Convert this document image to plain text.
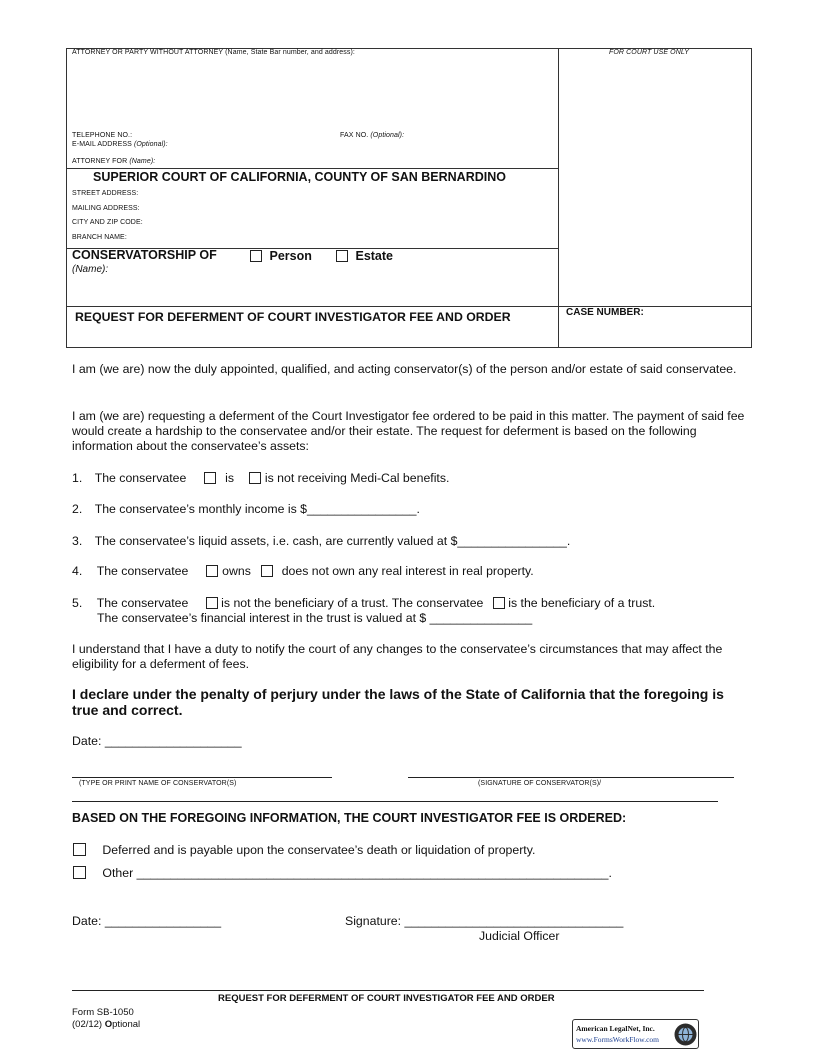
ATTORNEY OR PARTY WITHOUT ATTORNEY (Name, State Bar number, and address):	FOR COURT USE ONLY
TELEPHONE NO.:	FAX NO. (Optional):
E-MAIL ADDRESS (Optional):
ATTORNEY FOR (Name):
SUPERIOR COURT OF CALIFORNIA, COUNTY OF SAN BERNARDINO
STREET ADDRESS:
MAILING ADDRESS:
CITY AND ZIP CODE:
BRANCH NAME:
CONSERVATORSHIP OF	Person	Estate
(Name):
REQUEST FOR DEFERMENT OF COURT INVESTIGATOR FEE AND ORDER	CASE NUMBER:
I am (we are) now the duly appointed, qualified, and acting conservator(s) of the person and/or estate of said conservatee.
I am (we are) requesting a deferment of the Court Investigator fee ordered to be paid in this matter. The payment of said fee would create a hardship to the conservatee and/or their estate. The request for deferment is based on the following information about the conservatee’s assets:
1. The conservatee	is	is not receiving Medi-Cal benefits.
2. The conservatee’s monthly income is $________________.
3. The conservatee’s liquid assets, i.e. cash, are currently valued at $________________.
4. The conservatee	owns	does not own any real interest in real property.
5. The conservatee	is not the beneficiary of a trust. The conservatee is the beneficiary of a trust.
The conservatee’s financial interest in the trust is valued at $ _______________
I understand that I have a duty to notify the court of any changes to the conservatee’s circumstances that may affect the eligibility for a deferment of fees.
I declare under the penalty of perjury under the laws of the State of California that the foregoing is true and correct.
Date: ____________________
(TYPE OR PRINT NAME OF CONSERVATOR(S)	(SIGNATURE OF CONSERVATOR(S)/
BASED ON THE FOREGOING INFORMATION, THE COURT INVESTIGATOR FEE IS ORDERED:
Deferred and is payable upon the conservatee’s death or liquidation of property.
Other _____________________________________________________________________.
Date: _________________	Signature: ________________________________
Judicial Officer
REQUEST FOR DEFERMENT OF COURT INVESTIGATOR FEE AND ORDER
Form SB-1050
(02/12) Optional	American LegalNet, Inc.
www.FormsWorkFlow.com
